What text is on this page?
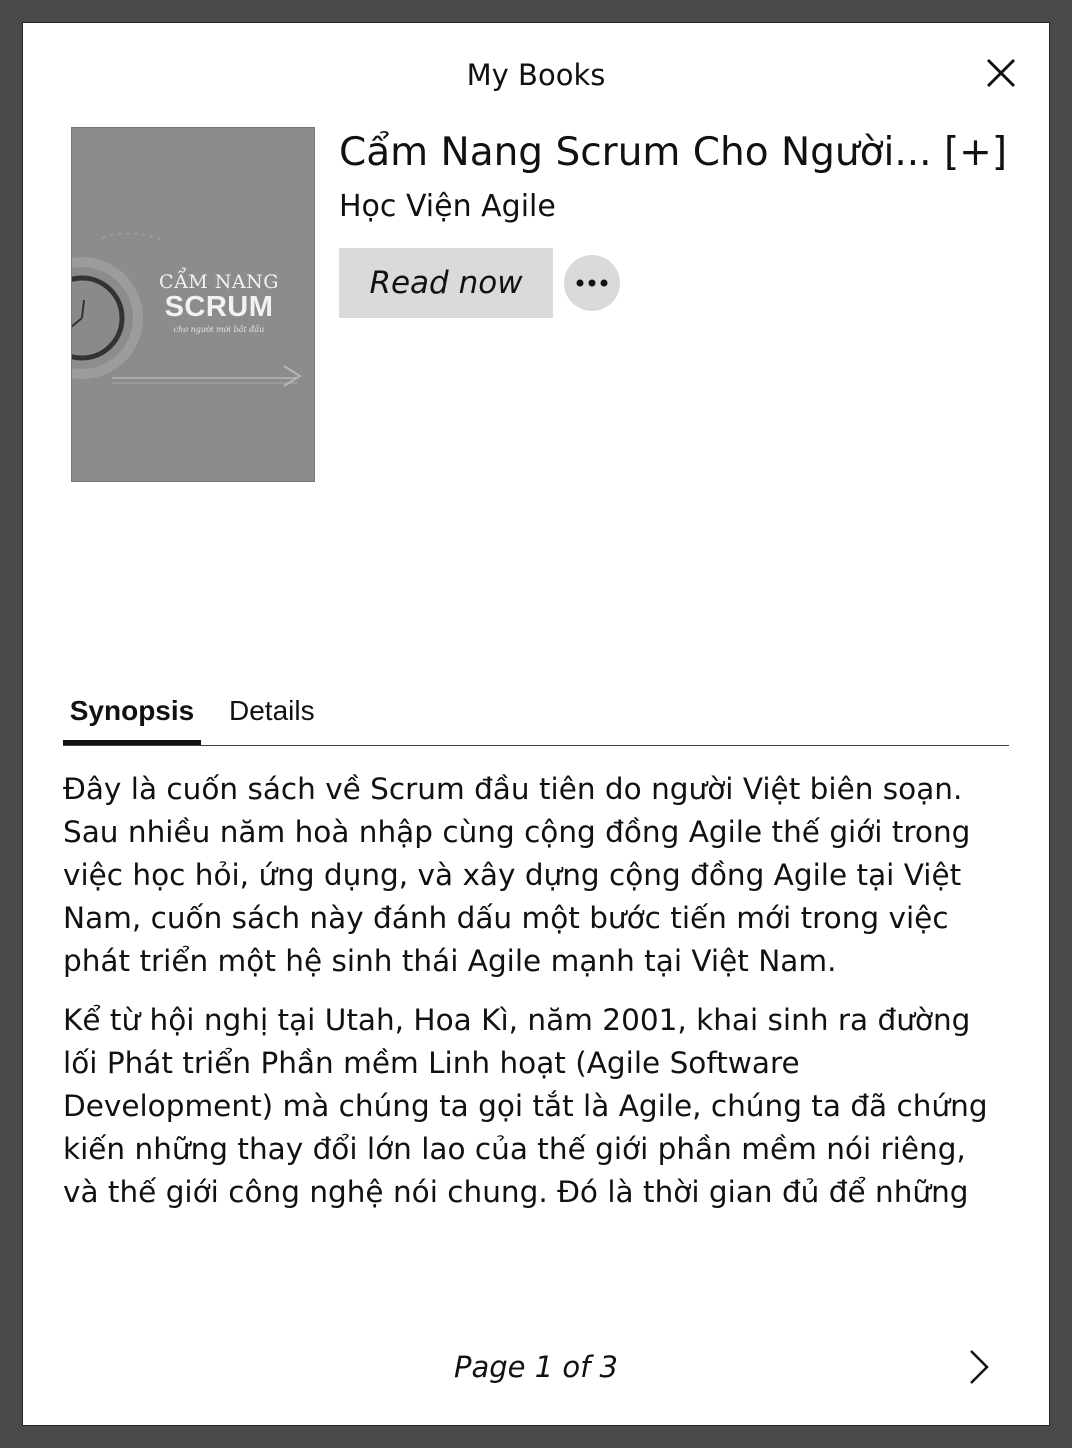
My Books
CẨM NANG
SCRUM
cho người mới bắt đầu
Cẩm Nang Scrum Cho Người... [+]
Học Viện Agile
Read now
Synopsis Details

Đây là cuốn sách về Scrum đầu tiên do người Việt biên soạn. Sau nhiều năm hoà nhập cùng cộng đồng Agile thế giới trong việc học hỏi, ứng dụng, và xây dựng cộng đồng Agile tại Việt Nam, cuốn sách này đánh dấu một bước tiến mới trong việc phát triển một hệ sinh thái Agile mạnh tại Việt Nam.

Kể từ hội nghị tại Utah, Hoa Kì, năm 2001, khai sinh ra đường lối Phát triển Phần mềm Linh hoạt (Agile Software Development) mà chúng ta gọi tắt là Agile, chúng ta đã chứng kiến những thay đổi lớn lao của thế giới phần mềm nói riêng, và thế giới công nghệ nói chung. Đó là thời gian đủ để những

Page 1 of 3
